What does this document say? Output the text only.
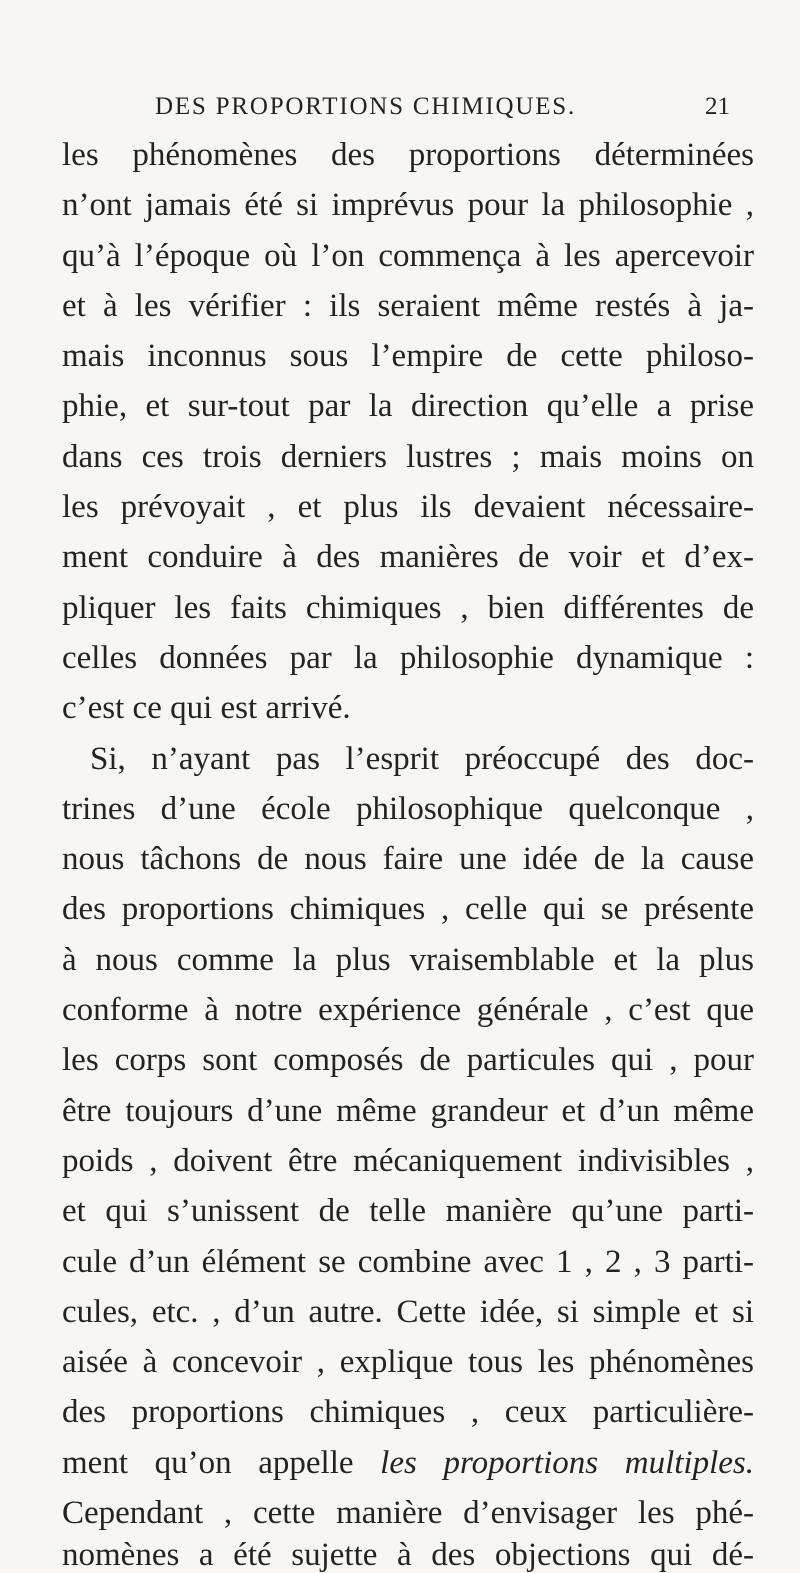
DES PROPORTIONS CHIMIQUES.	21
les phénomènes des proportions déterminées
n’ont jamais été si imprévus pour la philosophie ,
qu’à l’époque où l’on commença à les apercevoir
et à les vérifier : ils seraient même restés à ja-
mais inconnus sous l’empire de cette philoso-
phie, et sur-tout par la direction qu’elle a prise
dans ces trois derniers lustres ; mais moins on
les prévoyait , et plus ils devaient nécessaire-
ment conduire à des manières de voir et d’ex-
pliquer les faits chimiques , bien différentes de
celles données par la philosophie dynamique :
c’est ce qui est arrivé.
Si, n’ayant pas l’esprit préoccupé des doc-
trines d’une école philosophique quelconque ,
nous tâchons de nous faire une idée de la cause
des proportions chimiques , celle qui se présente
à nous comme la plus vraisemblable et la plus
conforme à notre expérience générale , c’est que
les corps sont composés de particules qui , pour
être toujours d’une même grandeur et d’un même
poids , doivent être mécaniquement indivisibles ,
et qui s’unissent de telle manière qu’une parti-
cule d’un élément se combine avec 1 , 2 , 3 parti-
cules, etc. , d’un autre. Cette idée, si simple et si
aisée à concevoir , explique tous les phénomènes
des proportions chimiques , ceux particulière-
ment qu’on appelle les proportions multiples.
Cependant , cette manière d’envisager les phé-
nomènes a été sujette à des objections qui dé-
